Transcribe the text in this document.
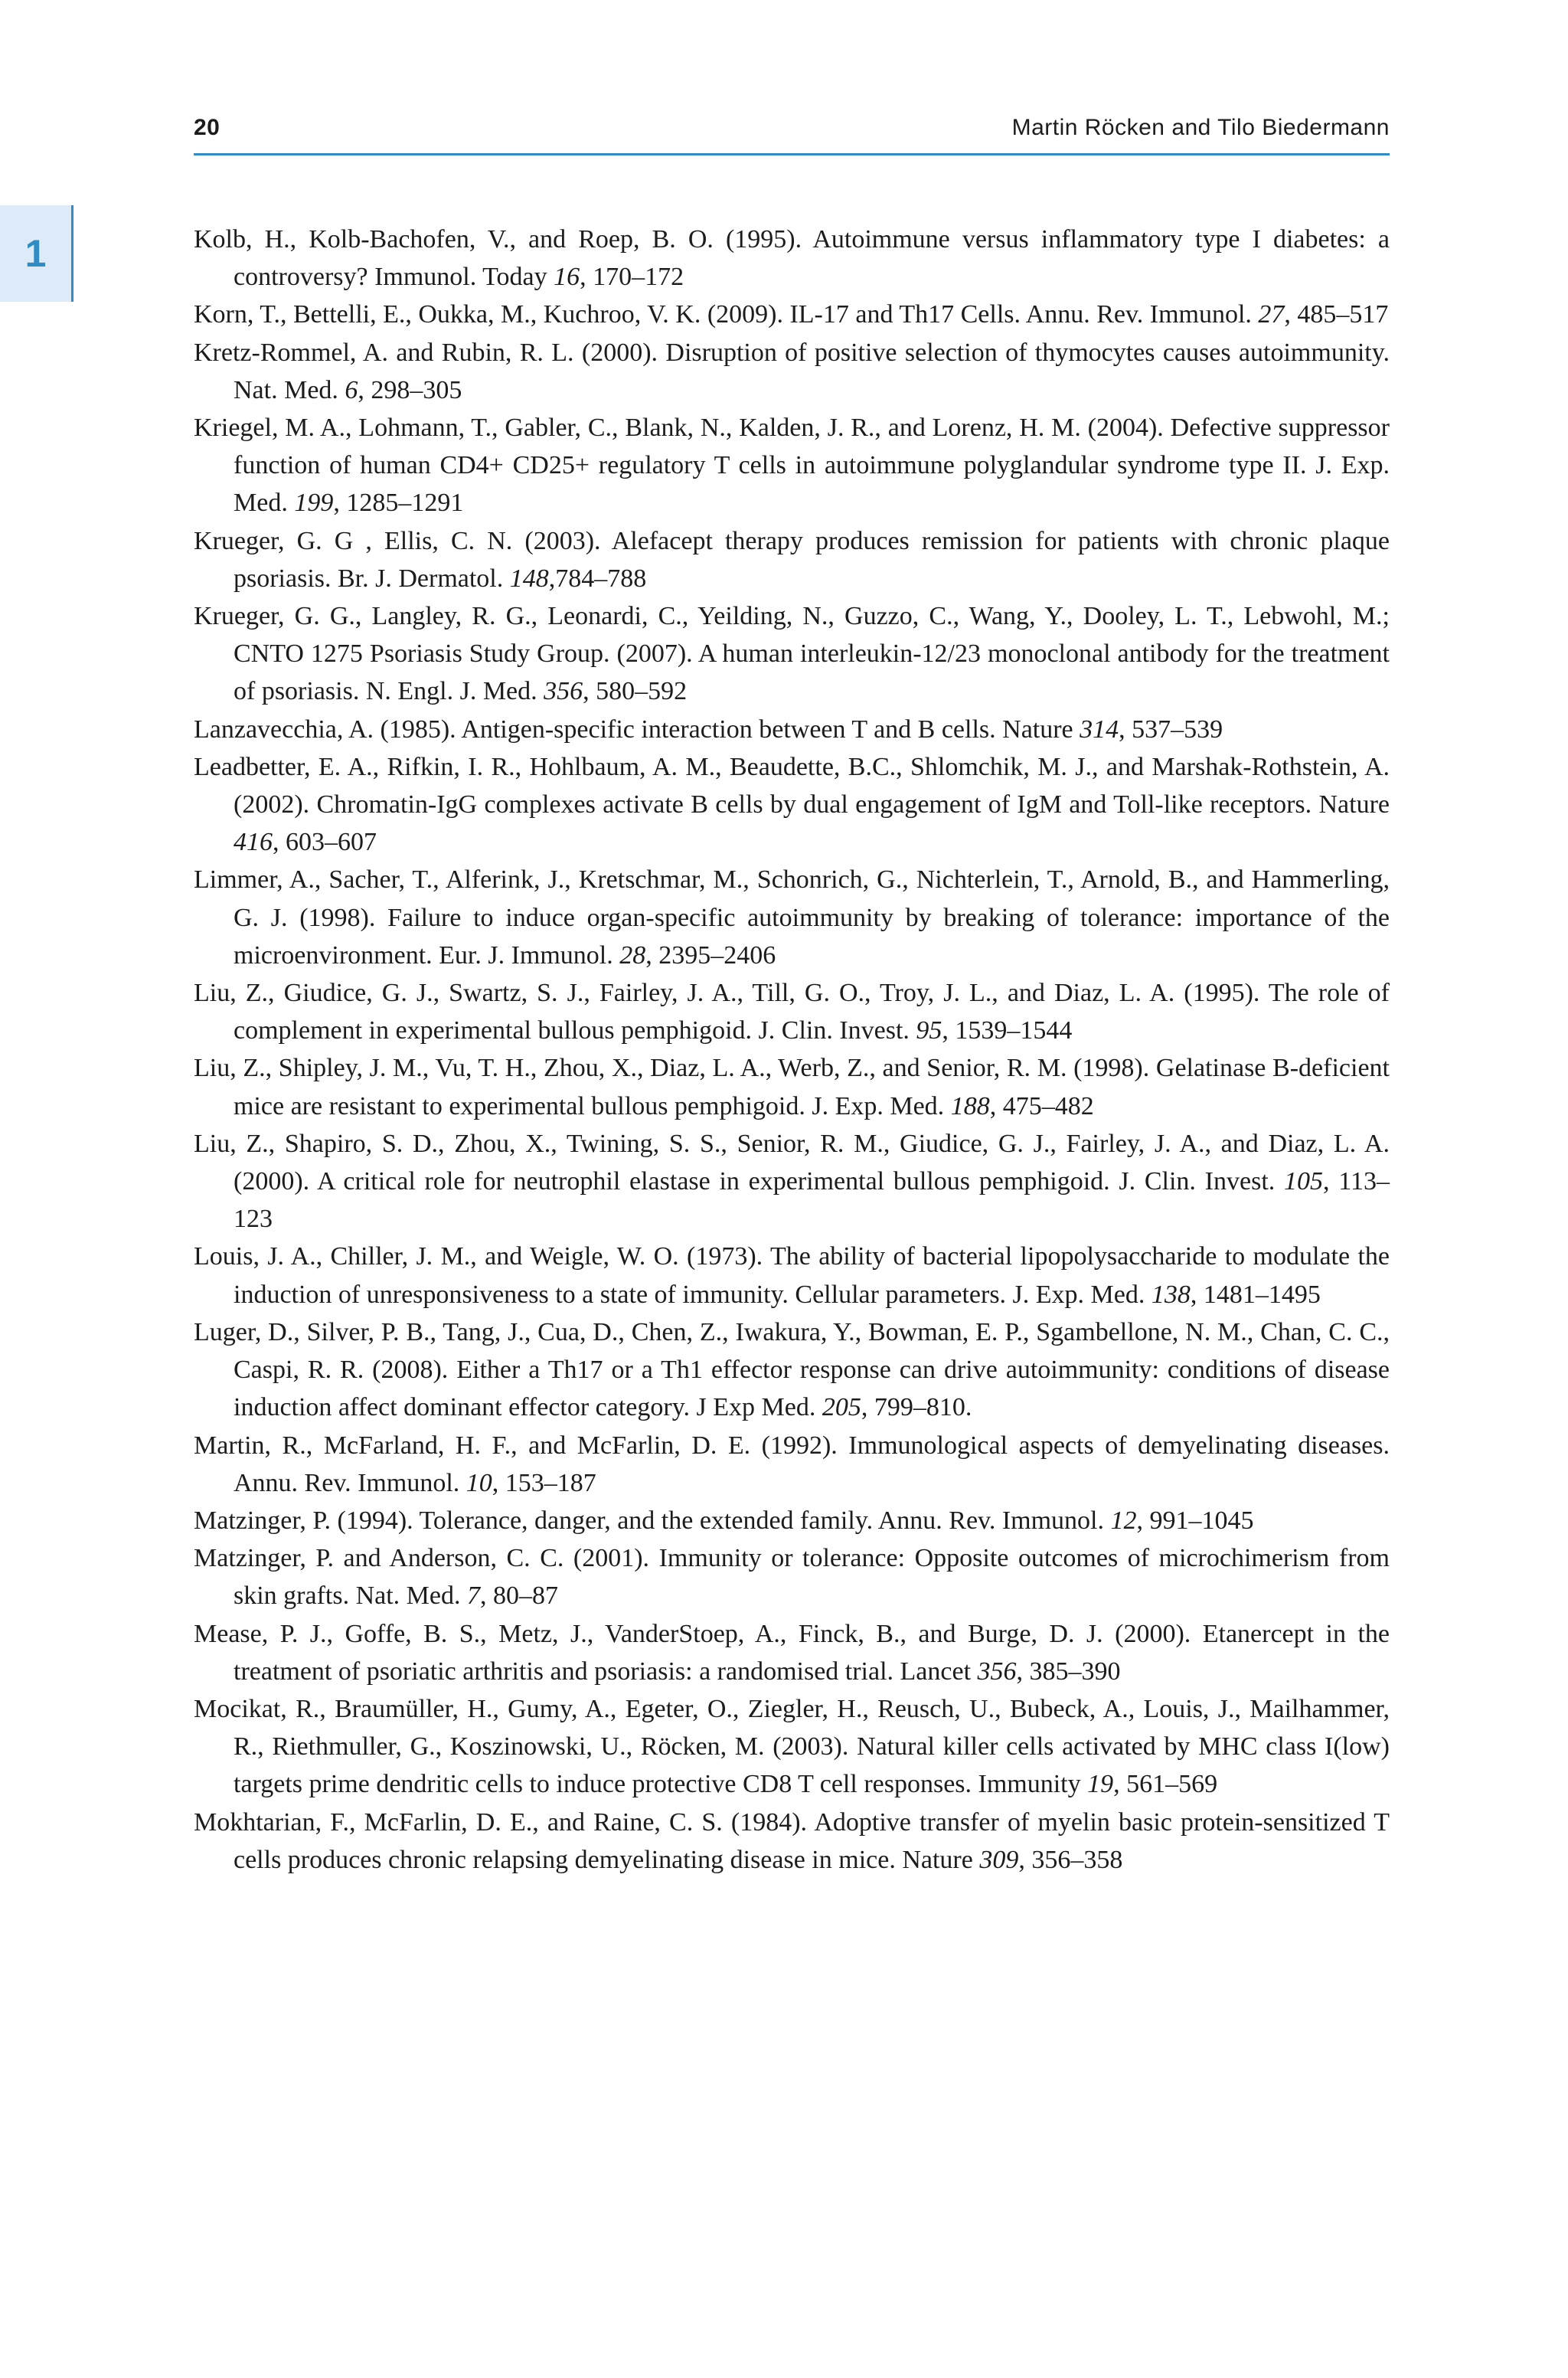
20	Martin Röcken and Tilo Biedermann
1	Kolb, H., Kolb-Bachofen, V., and Roep, B. O. (1995). Autoimmune versus inflammatory type I diabetes: a controversy? Immunol. Today 16, 170–172
Korn, T., Bettelli, E., Oukka, M., Kuchroo, V. K. (2009). IL-17 and Th17 Cells. Annu. Rev. Immunol. 27, 485–517
Kretz-Rommel, A. and Rubin, R. L. (2000). Disruption of positive selection of thymocytes causes autoimmunity. Nat. Med. 6, 298–305
Kriegel, M. A., Lohmann, T., Gabler, C., Blank, N., Kalden, J. R., and Lorenz, H. M. (2004). Defective suppressor function of human CD4+ CD25+ regulatory T cells in autoimmune polyglandular syndrome type II. J. Exp. Med. 199, 1285–1291
Krueger, G. G , Ellis, C. N. (2003). Alefacept therapy produces remission for patients with chronic plaque psoriasis. Br. J. Dermatol. 148,784–788
Krueger, G. G., Langley, R. G., Leonardi, C., Yeilding, N., Guzzo, C., Wang, Y., Dooley, L. T., Lebwohl, M.; CNTO 1275 Psoriasis Study Group. (2007). A human interleukin-12/23 monoclonal antibody for the treatment of psoriasis. N. Engl. J. Med. 356, 580–592
Lanzavecchia, A. (1985). Antigen-specific interaction between T and B cells. Nature 314, 537–539
Leadbetter, E. A., Rifkin, I. R., Hohlbaum, A. M., Beaudette, B.C., Shlomchik, M. J., and Marshak-Rothstein, A. (2002). Chromatin-IgG complexes activate B cells by dual engagement of IgM and Toll-like receptors. Nature 416, 603–607
Limmer, A., Sacher, T., Alferink, J., Kretschmar, M., Schonrich, G., Nichterlein, T., Arnold, B., and Hammerling, G. J. (1998). Failure to induce organ-specific autoimmunity by breaking of tolerance: importance of the microenvironment. Eur. J. Immunol. 28, 2395–2406
Liu, Z., Giudice, G. J., Swartz, S. J., Fairley, J. A., Till, G. O., Troy, J. L., and Diaz, L. A. (1995). The role of complement in experimental bullous pemphigoid. J. Clin. Invest. 95, 1539–1544
Liu, Z., Shipley, J. M., Vu, T. H., Zhou, X., Diaz, L. A., Werb, Z., and Senior, R. M. (1998). Gelatinase B-deficient mice are resistant to experimental bullous pemphigoid. J. Exp. Med. 188, 475–482
Liu, Z., Shapiro, S. D., Zhou, X., Twining, S. S., Senior, R. M., Giudice, G. J., Fairley, J. A., and Diaz, L. A. (2000). A critical role for neutrophil elastase in experimental bullous pemphigoid. J. Clin. Invest. 105, 113–123
Louis, J. A., Chiller, J. M., and Weigle, W. O. (1973). The ability of bacterial lipopolysaccharide to modulate the induction of unresponsiveness to a state of immunity. Cellular parameters. J. Exp. Med. 138, 1481–1495
Luger, D., Silver, P. B., Tang, J., Cua, D., Chen, Z., Iwakura, Y., Bowman, E. P., Sgambellone, N. M., Chan, C. C., Caspi, R. R. (2008). Either a Th17 or a Th1 effector response can drive autoimmunity: conditions of disease induction affect dominant effector category. J Exp Med. 205, 799–810.
Martin, R., McFarland, H. F., and McFarlin, D. E. (1992). Immunological aspects of demyelinating diseases. Annu. Rev. Immunol. 10, 153–187
Matzinger, P. (1994). Tolerance, danger, and the extended family. Annu. Rev. Immunol. 12, 991–1045
Matzinger, P. and Anderson, C. C. (2001). Immunity or tolerance: Opposite outcomes of microchimerism from skin grafts. Nat. Med. 7, 80–87
Mease, P. J., Goffe, B. S., Metz, J., VanderStoep, A., Finck, B., and Burge, D. J. (2000). Etanercept in the treatment of psoriatic arthritis and psoriasis: a randomised trial. Lancet 356, 385–390
Mocikat, R., Braumüller, H., Gumy, A., Egeter, O., Ziegler, H., Reusch, U., Bubeck, A., Louis, J., Mailhammer, R., Riethmuller, G., Koszinowski, U., Röcken, M. (2003). Natural killer cells activated by MHC class I(low) targets prime dendritic cells to induce protective CD8 T cell responses. Immunity 19, 561–569
Mokhtarian, F., McFarlin, D. E., and Raine, C. S. (1984). Adoptive transfer of myelin basic protein-sensitized T cells produces chronic relapsing demyelinating disease in mice. Nature 309, 356–358
